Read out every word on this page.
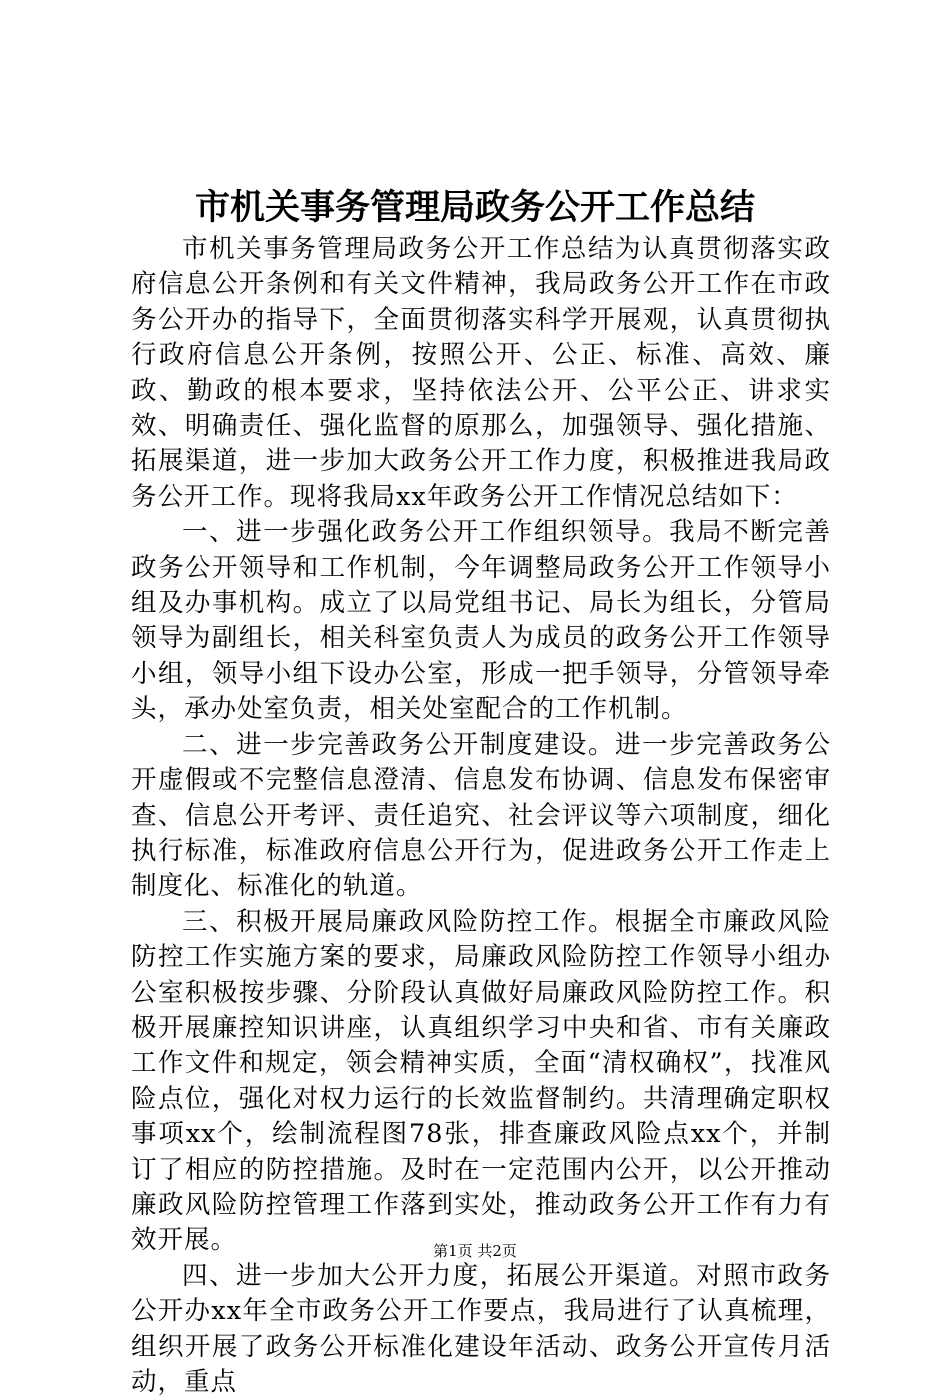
市机关事务管理局政务公开工作总结

市机关事务管理局政务公开工作总结为认真贯彻落实政府信息公开条例和有关文件精神，我局政务公开工作在市政务公开办的指导下，全面贯彻落实科学开展观，认真贯彻执行政府信息公开条例，按照公开、公正、标准、高效、廉政、勤政的根本要求，坚持依法公开、公平公正、讲求实效、明确责任、强化监督的原那么，加强领导、强化措施、拓展渠道，进一步加大政务公开工作力度，积极推进我局政务公开工作。现将我局xx年政务公开工作情况总结如下：

一、进一步强化政务公开工作组织领导。我局不断完善政务公开领导和工作机制，今年调整局政务公开工作领导小组及办事机构。成立了以局党组书记、局长为组长，分管局领导为副组长，相关科室负责人为成员的政务公开工作领导小组，领导小组下设办公室，形成一把手领导，分管领导牵头，承办处室负责，相关处室配合的工作机制。

二、进一步完善政务公开制度建设。进一步完善政务公开虚假或不完整信息澄清、信息发布协调、信息发布保密审查、信息公开考评、责任追究、社会评议等六项制度，细化执行标准，标准政府信息公开行为，促进政务公开工作走上制度化、标准化的轨道。

三、积极开展局廉政风险防控工作。根据全市廉政风险防控工作实施方案的要求，局廉政风险防控工作领导小组办公室积极按步骤、分阶段认真做好局廉政风险防控工作。积极开展廉控知识讲座，认真组织学习中央和省、市有关廉政工作文件和规定，领会精神实质，全面“清权确权”，找准风险点位，强化对权力运行的长效监督制约。共清理确定职权事项xx个，绘制流程图78张，排查廉政风险点xx个，并制订了相应的防控措施。及时在一定范围内公开，以公开推动廉政风险防控管理工作落到实处，推动政务公开工作有力有效开展。

四、进一步加大公开力度，拓展公开渠道。对照市政务公开办xx年全市政务公开工作要点，我局进行了认真梳理，组织开展了政务公开标准化建设年活动、政务公开宣传月活动，重点

第1页 共2页
